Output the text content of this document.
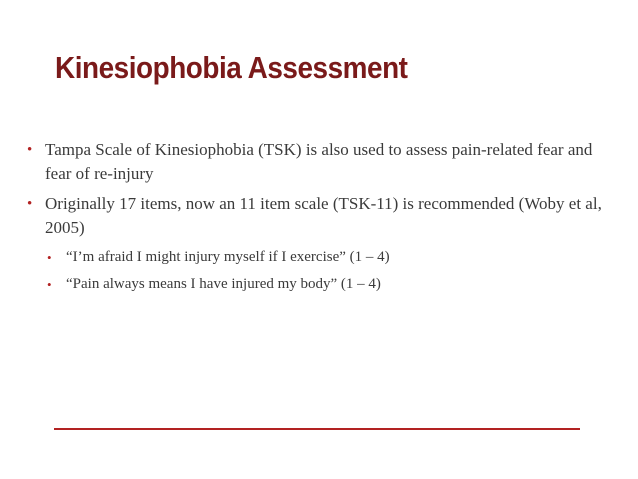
Kinesiophobia Assessment
• Tampa Scale of Kinesiophobia (TSK) is also used to assess pain-related fear and fear of re-injury
• Originally 17 items, now an 11 item scale (TSK-11) is recommended (Woby et al, 2005)
• “I’m afraid I might injury myself if I exercise” (1 – 4)
• “Pain always means I have injured my body” (1 – 4)
